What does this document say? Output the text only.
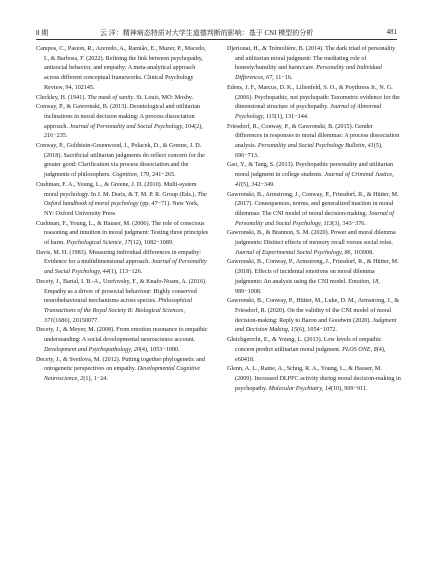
8 期	云 洋：精神病态特质对大学生道德判断的影响：基于 CNI 模型的分析	481

Campos, C., Pasion, R., Azeredo, A., Ramião, E., Mazer, P., Macedo, I., & Barbosa, F. (2022). Refining the link between psychopathy, antisocial behavior, and empathy: A meta-analytical approach across different conceptual frameworks. Clinical Psychology Review, 94, 102145.

Cleckley, H. (1941). The mask of sanity. St. Louis, MO: Mosby.

Conway, P., & Gawronski, B. (2013). Deontological and utilitarian inclinations in moral decision making: A process dissociation approach. Journal of Personality and Social Psychology, 104(2), 216−235.

Conway, P., Goldstein-Greenwood, J., Polacek, D., & Greene, J. D. (2018). Sacrificial utilitarian judgments do reflect concern for the greater good: Clarification via process dissociation and the judgments of philosophers. Cognition, 179, 241−265.

Cushman, F. A., Young, L., & Greene, J. D. (2010). Multi-system moral psychology. In J. M. Doris, & T. M. P. R. Group (Eds.), The Oxford handbook of moral psychology (pp. 47−71). New York, NY: Oxford University Press

Cushman, F., Young, L., & Hauser, M. (2006). The role of conscious reasoning and intuition in moral judgment: Testing three principles of harm. Psychological Science, 17(12), 1082−1089.

Davis, M. H. (1983). Measuring individual differences in empathy: Evidence for a multidimensional approach. Journal of Personality and Social Psychology, 44(1), 113−126.

Decety, J., Bartal, I. B.-A., Uzefovsky, F., & Knafo-Noam, A. (2016). Empathy as a driver of prosocial behaviour: Highly conserved neurobehavioural mechanisms across species. Philosophical Transactions of the Royal Society B: Biological Sciences, 371(1686), 20150077.

Decety, J., & Meyer, M. (2008). From emotion resonance to empathic understanding: A social developmental neuroscience account. Development and Psychopathology, 20(4), 1053−1080.

Decety, J., & Svetlova, M. (2012). Putting together phylogenetic and ontogenetic perspectives on empathy. Developmental Cognitive Neuroscience, 2(1), 1−24.

Djeriouat, H., & Trémolière, B. (2014). The dark triad of personality and utilitarian moral judgment: The mediating role of honesty/humility and harm/care. Personality and Individual Differences, 67, 11−16.

Edens, J. F., Marcus, D. K., Lilienfeld, S. O., & Poythress Jr., N. G. (2006). Psychopathic, not psychopath: Taxometric evidence for the dimensional structure of psychopathy. Journal of Abnormal Psychology, 115(1), 131−144.

Friesdorf, R., Conway, P., & Gawronski, B. (2015). Gender differences in responses to moral dilemmas: A process dissociation analysis. Personality and Social Psychology Bulletin, 41(5), 696−713.

Gao, Y., & Tang, S. (2013). Psychopathic personality and utilitarian moral judgment in college students. Journal of Criminal Justice, 41(5), 342−349.

Gawronski, B., Armstrong, J., Conway, P., Friesdorf, R., & Hütter, M. (2017). Consequences, norms, and generalized inaction in moral dilemmas: The CNI model of moral decision-making. Journal of Personality and Social Psychology, 113(3), 343−376.

Gawronski, B., & Brannon, S. M. (2020). Power and moral dilemma judgments: Distinct effects of memory recall versus social roles. Journal of Experimental Social Psychology, 86, 103908.

Gawronski, B., Conway, P., Armstrong, J., Friesdorf, R., & Hütter, M. (2018). Effects of incidental emotions on moral dilemma judgments: An analysis using the CNI model. Emotion, 18, 989−1008.

Gawronski, B., Conway, P., Hütter, M., Luke, D. M., Armstrong, J., & Friesdorf, R. (2020). On the validity of the CNI model of moral decision-making: Reply to Baron and Goodwin (2020). Judgment and Decision Making, 15(6), 1054−1072.

Gleichgerrcht, E., & Young, L. (2013). Low levels of empathic concern predict utilitarian moral judgment. PLOS ONE, 8(4), e60418.

Glenn, A. L., Raine, A., Schug, R. A., Young, L., & Hauser, M. (2009). Increased DLPFC activity during moral decision-making in psychopathy. Molecular Psychiatry, 14(10), 909−911.
